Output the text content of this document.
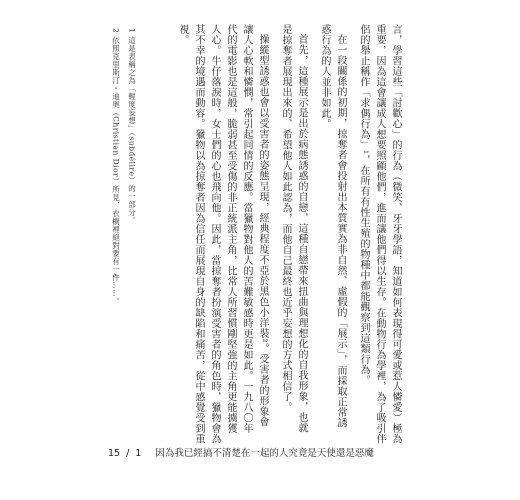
言，學習這些「討歡心」的行為（微笑、牙牙學語，知道如何表現得可愛或惹人憐愛）極為
重要，因為這會讓成人想要照顧他們，進而讓他們得以生存。在動物行為學裡，為了吸引伴
侶的舉止稱作「求偶行為」¹，在所有有性生殖的物種中都能觀察到這類行為。
在一段關係的初期，掠奪者會投射出本質實為非自然、虛假的「展示」，而採取正常誘
惑行為的人並非如此。
首先，這種展示是出於病態誘惑的自戀，這種自戀帶來扭曲與理想化的自我形象，也就
是掠奪者展現出來的、希望他人如此認為，而他自己最終也近乎妄想的方式相信了。
操縱型誘惑也會以受害者的姿態呈現，經典程度不亞於黑色小洋裝²。受害者的形象會
讓人心軟和憐憫，常引起同情的反應。當獵物對他人的苦難敏感時更是如此。一九八〇年
代的電影也是這般，脆弱甚至受傷的非正統派主角，比常人所習慣剛堅強的主角更能擄獲
人心。牛仔落淚時，女士們的心也飛向他。因此，當掠奪者扮演受害者的角色時，獵物會為
其不幸的境遇而動容。獵物以為掠奪者因為信任而展現自身的缺陷和痛苦，從中感覺受到重
視。
1 這是表稱之為「輕度妄想」（subdélire）的一部分。
2 依照克里斯汀・迪奧（Christian Dior）所見，衣櫥裡絕對要有一件……。
15 / 1 因為我已經搞不清楚在一起的人究竟是天使還是惡魔
